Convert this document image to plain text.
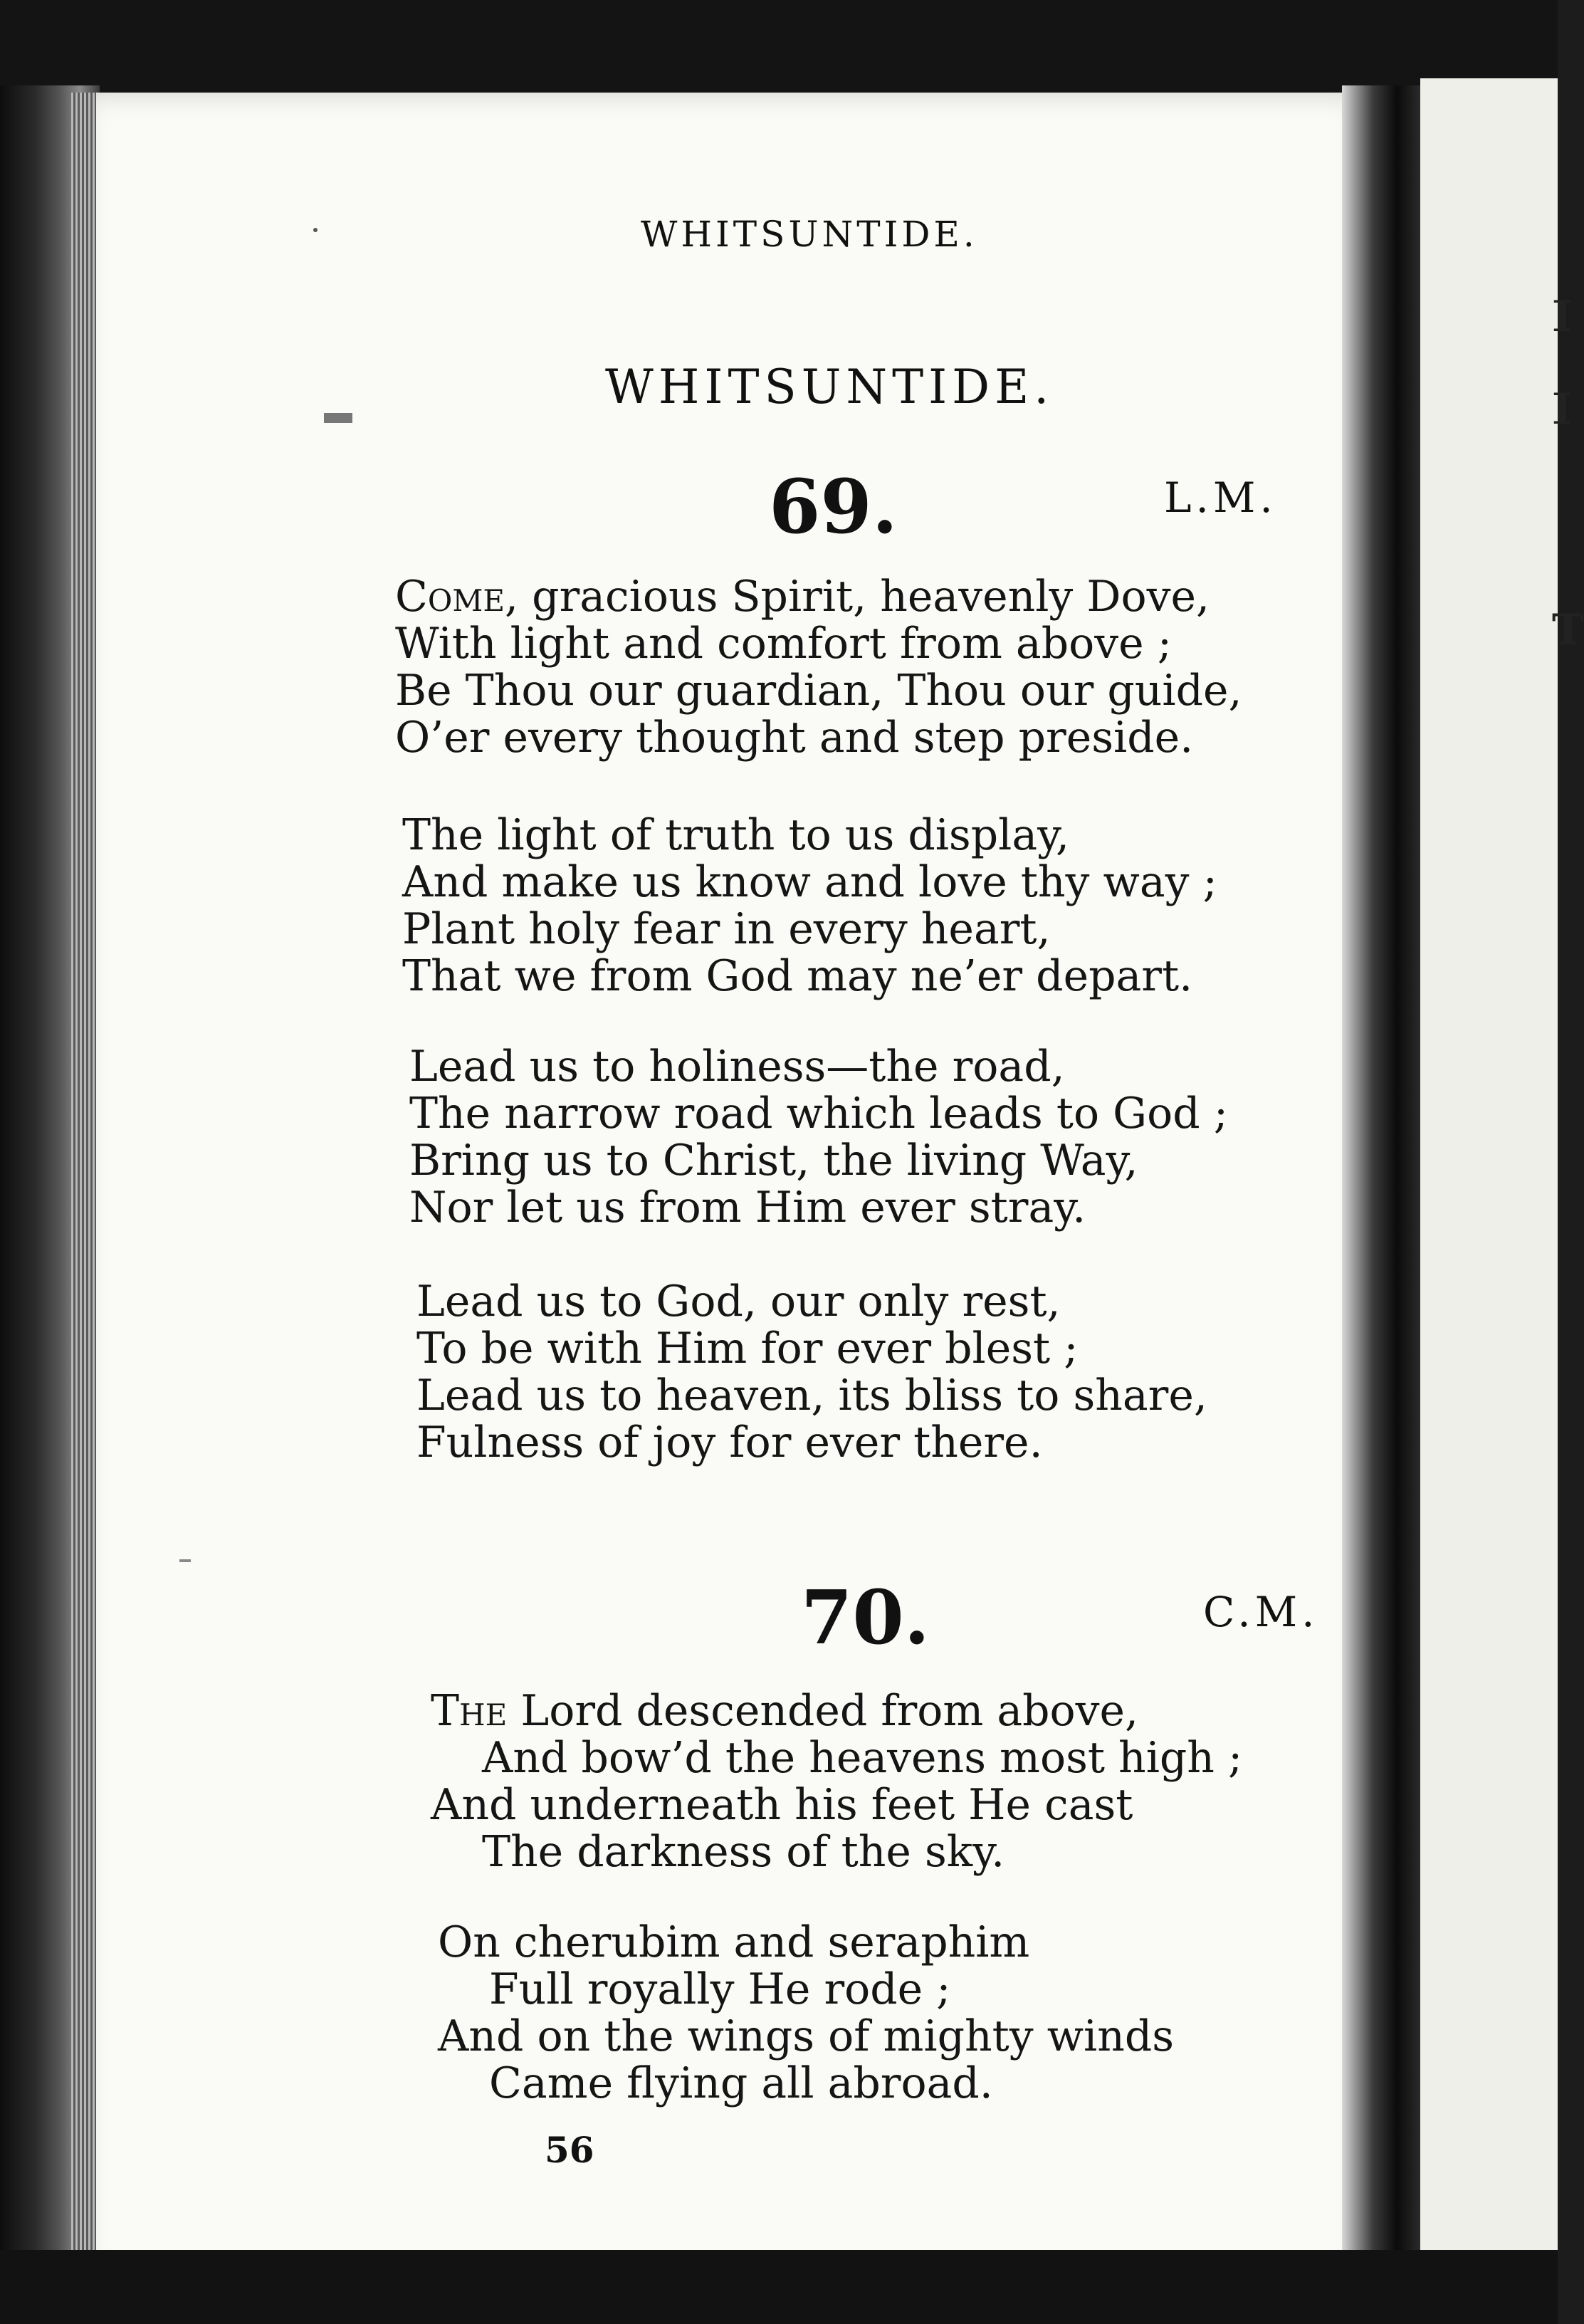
I
I
T
WHITSUNTIDE.
WHITSUNTIDE.
69.	L.M.
Come, gracious Spirit, heavenly Dove,
With light and comfort from above ;
Be Thou our guardian, Thou our guide,
O’er every thought and step preside.
The light of truth to us display,
And make us know and love thy way ;
Plant holy fear in every heart,
That we from God may ne’er depart.
Lead us to holiness—the road,
The narrow road which leads to God ;
Bring us to Christ, the living Way,
Nor let us from Him ever stray.
Lead us to God, our only rest,
To be with Him for ever blest ;
Lead us to heaven, its bliss to share,
Fulness of joy for ever there.
70.	C.M.
The Lord descended from above,
And bow’d the heavens most high ;
And underneath his feet He cast
The darkness of the sky.
On cherubim and seraphim
Full royally He rode ;
And on the wings of mighty winds
Came flying all abroad.
56
